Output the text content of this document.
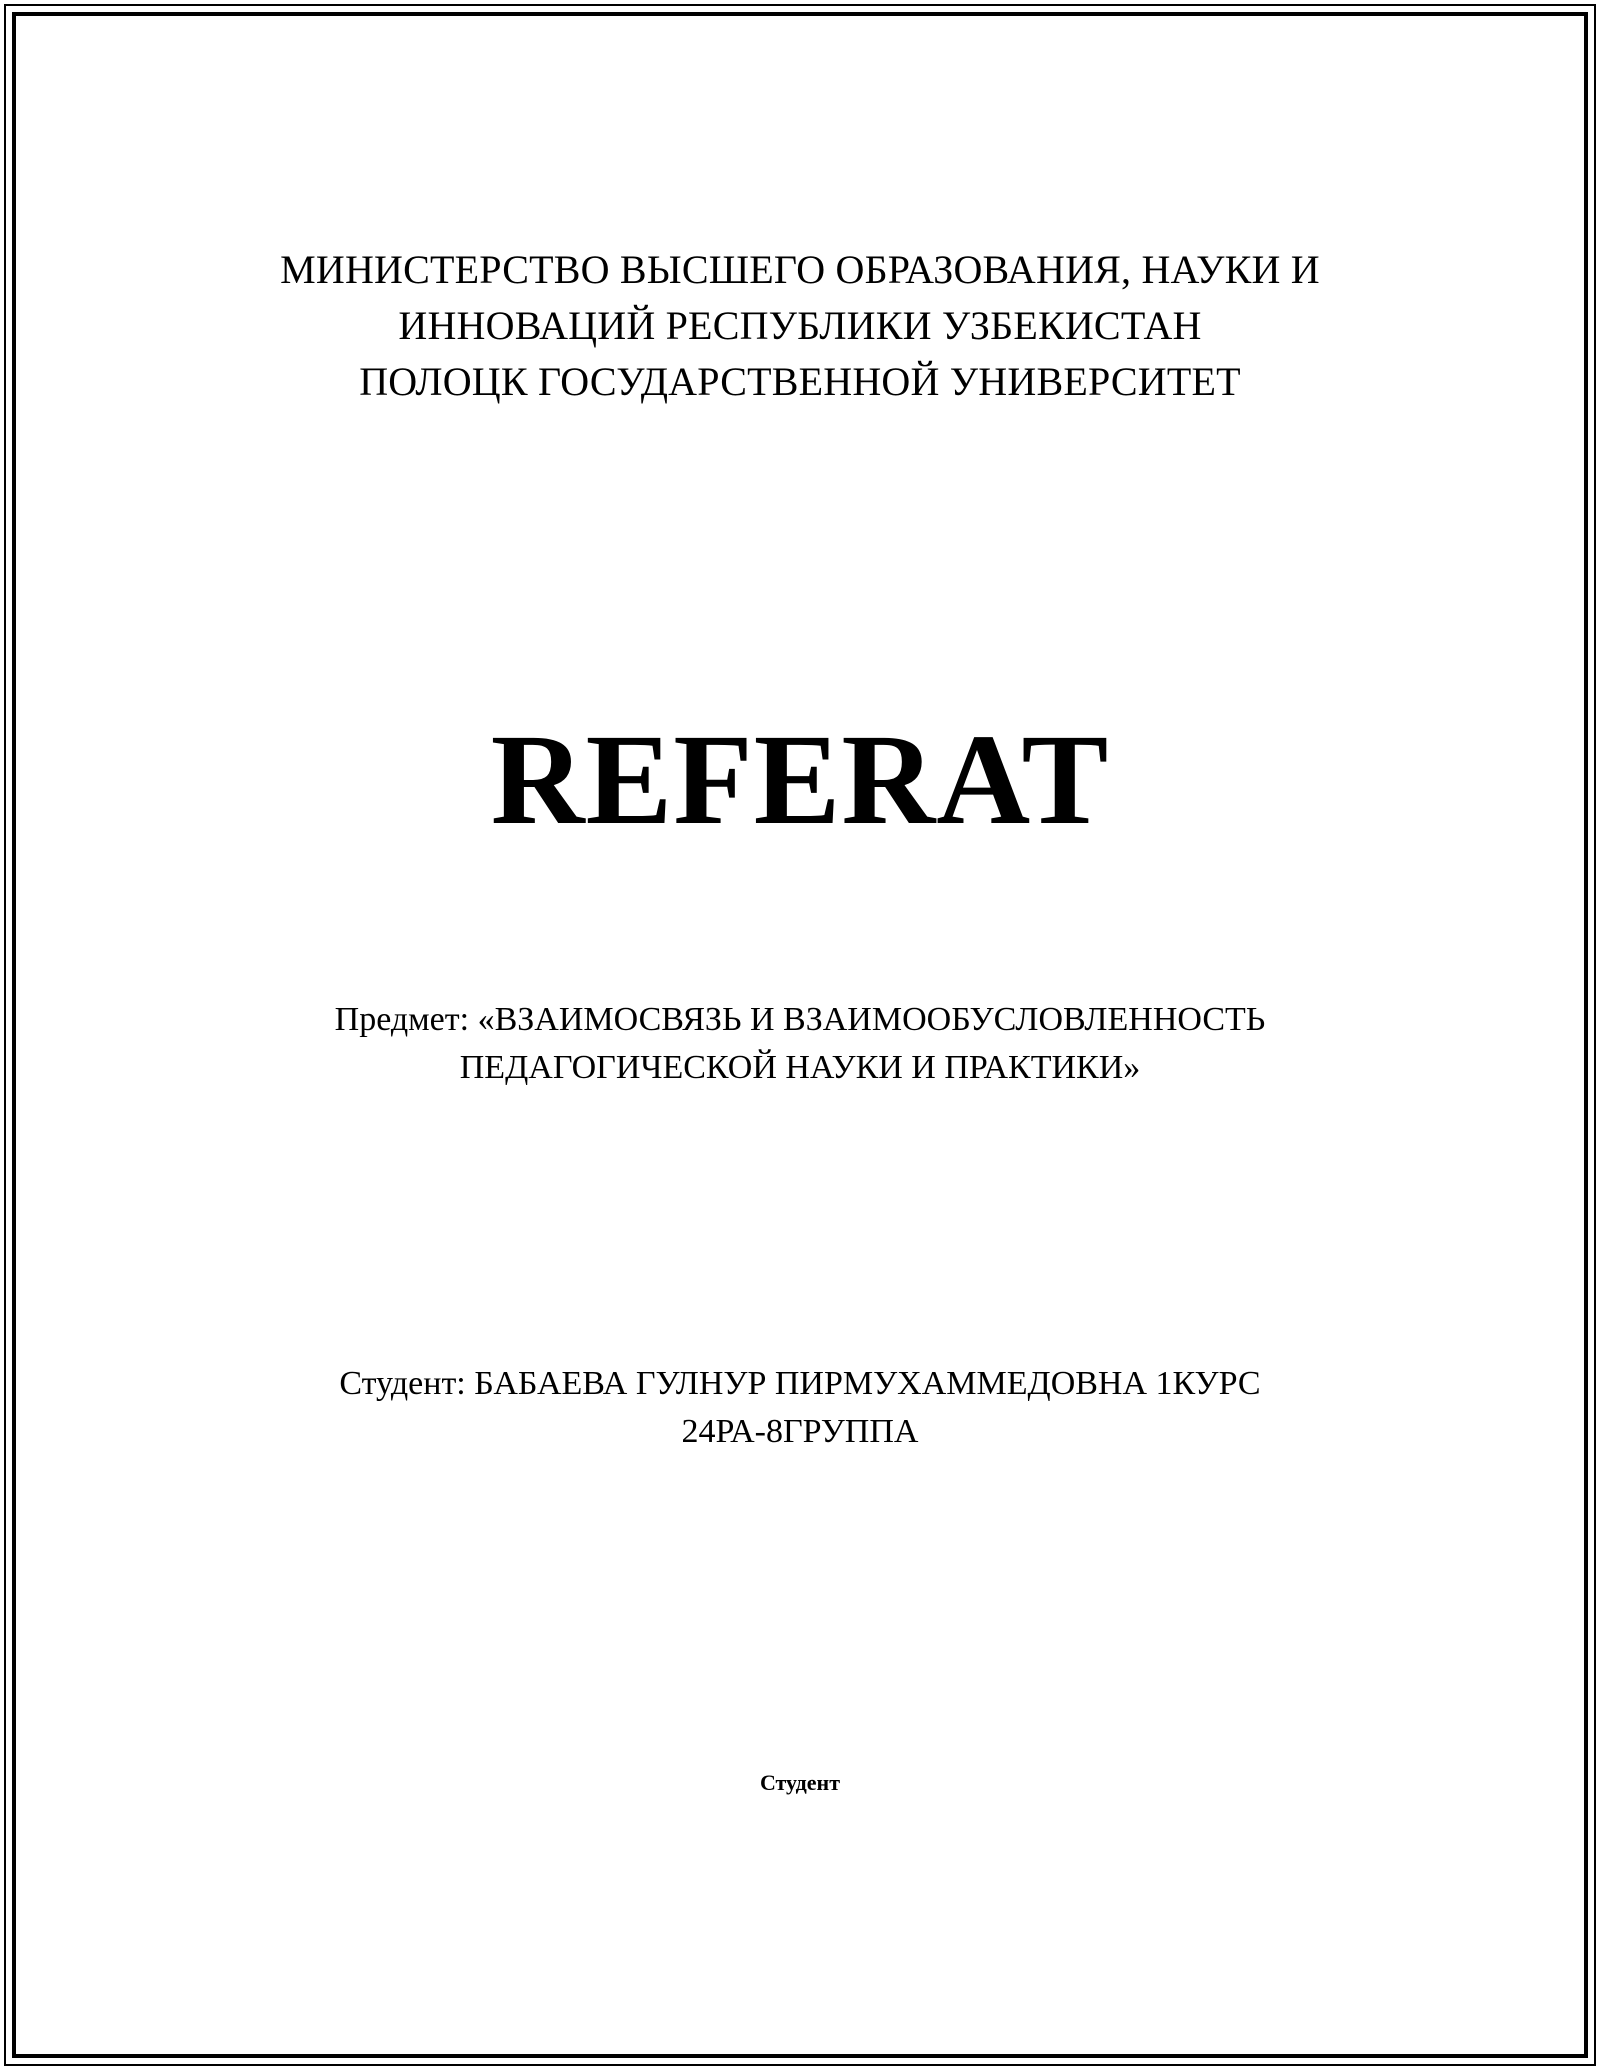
МИНИСТЕРСТВО ВЫСШЕГО ОБРАЗОВАНИЯ, НАУКИ И
ИННОВАЦИЙ РЕСПУБЛИКИ УЗБЕКИСТАН
ПОЛОЦК ГОСУДАРСТВЕННОЙ УНИВЕРСИТЕТ
REFERAT
Предмет: «ВЗАИМОСВЯЗЬ И ВЗАИМООБУСЛОВЛЕННОСТЬ
ПЕДАГОГИЧЕСКОЙ НАУКИ И ПРАКТИКИ»
Студент: БАБАЕВА ГУЛНУР ПИРМУХАММЕДОВНА 1КУРС
24РА-8ГРУППА
Студент
